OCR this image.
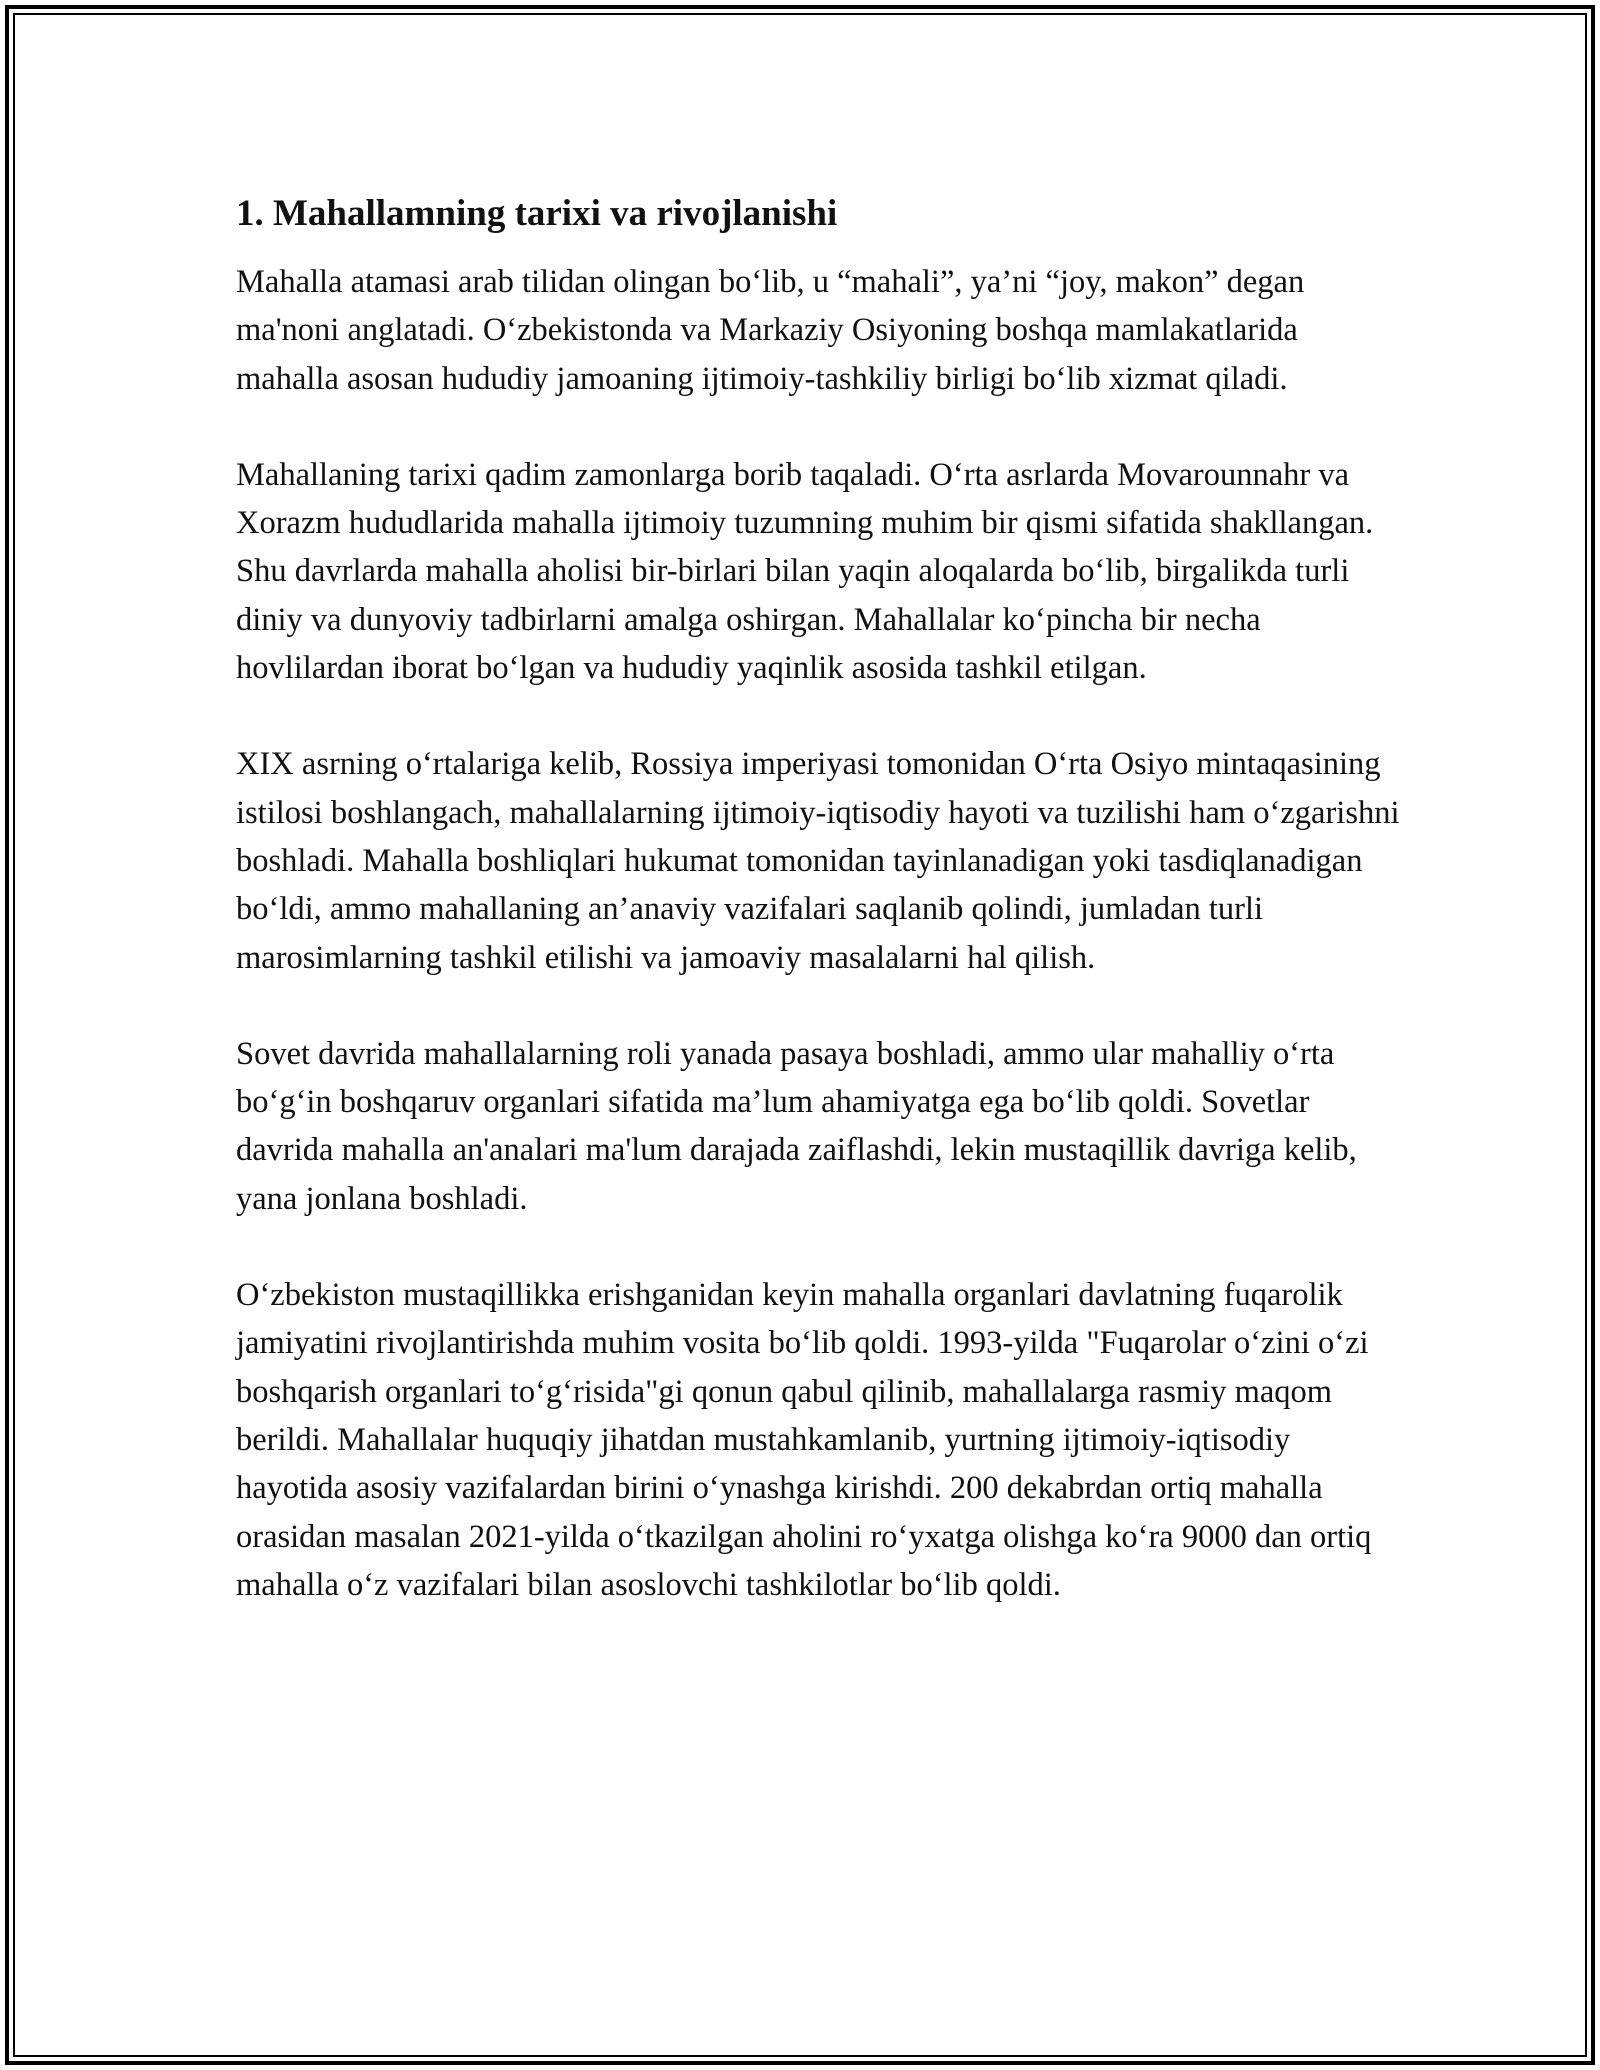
1. Mahallamning tarixi va rivojlanishi

Mahalla atamasi arab tilidan olingan bo‘lib, u “mahali”, ya’ni “joy, makon” degan ma'noni anglatadi. O‘zbekistonda va Markaziy Osiyoning boshqa mamlakatlarida mahalla asosan hududiy jamoaning ijtimoiy-tashkiliy birligi bo‘lib xizmat qiladi.

Mahallaning tarixi qadim zamonlarga borib taqaladi. O‘rta asrlarda Movarounnahr va Xorazm hududlarida mahalla ijtimoiy tuzumning muhim bir qismi sifatida shakllangan. Shu davrlarda mahalla aholisi bir-birlari bilan yaqin aloqalarda bo‘lib, birgalikda turli diniy va dunyoviy tadbirlarni amalga oshirgan. Mahallalar ko‘pincha bir necha hovlilardan iborat bo‘lgan va hududiy yaqinlik asosida tashkil etilgan.

XIX asrning o‘rtalariga kelib, Rossiya imperiyasi tomonidan O‘rta Osiyo mintaqasining istilosi boshlangach, mahallalarning ijtimoiy-iqtisodiy hayoti va tuzilishi ham o‘zgarishni boshladi. Mahalla boshliqlari hukumat tomonidan tayinlanadigan yoki tasdiqlanadigan bo‘ldi, ammo mahallaning an’anaviy vazifalari saqlanib qolindi, jumladan turli marosimlarning tashkil etilishi va jamoaviy masalalarni hal qilish.

Sovet davrida mahallalarning roli yanada pasaya boshladi, ammo ular mahalliy o‘rta bo‘g‘in boshqaruv organlari sifatida ma’lum ahamiyatga ega bo‘lib qoldi. Sovetlar davrida mahalla an'analari ma'lum darajada zaiflashdi, lekin mustaqillik davriga kelib, yana jonlana boshladi.

O‘zbekiston mustaqillikka erishganidan keyin mahalla organlari davlatning fuqarolik jamiyatini rivojlantirishda muhim vosita bo‘lib qoldi. 1993-yilda "Fuqarolar o‘zini o‘zi boshqarish organlari to‘g‘risida"gi qonun qabul qilinib, mahallalarga rasmiy maqom berildi. Mahallalar huquqiy jihatdan mustahkamlanib, yurtning ijtimoiy-iqtisodiy hayotida asosiy vazifalardan birini o‘ynashga kirishdi. 200 dekabrdan ortiq mahalla orasidan masalan 2021-yilda o‘tkazilgan aholini ro‘yxatga olishga ko‘ra 9000 dan ortiq mahalla o‘z vazifalari bilan asoslovchi tashkilotlar bo‘lib qoldi.
